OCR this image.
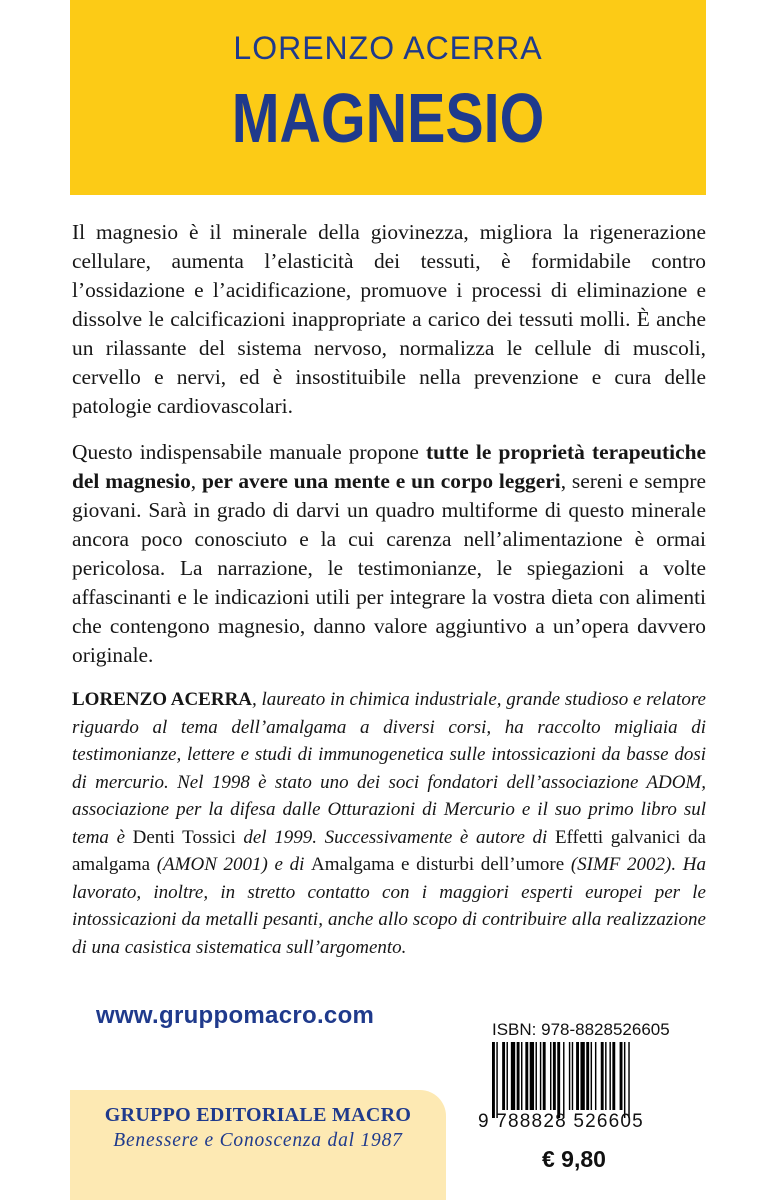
LORENZO ACERRA
MAGNESIO

Il magnesio è il minerale della giovinezza, migliora la rigenerazione cellulare, aumenta l’elasticità dei tessuti, è formidabile contro l’ossidazione e l’acidificazione, promuove i processi di eliminazione e dissolve le calcificazioni inappropriate a carico dei tessuti molli. È anche un rilassante del sistema nervoso, normalizza le cellule di muscoli, cervello e nervi, ed è insostituibile nella prevenzione e cura delle patologie cardiovascolari.

Questo indispensabile manuale propone tutte le proprietà terapeutiche del magnesio, per avere una mente e un corpo leggeri, sereni e sempre giovani. Sarà in grado di darvi un quadro multiforme di questo minerale ancora poco conosciuto e la cui carenza nell’alimentazione è ormai pericolosa. La narrazione, le testimonianze, le spiegazioni a volte affascinanti e le indicazioni utili per integrare la vostra dieta con alimenti che contengono magnesio, danno valore aggiuntivo a un’opera davvero originale.

LORENZO ACERRA, laureato in chimica industriale, grande studioso e relatore riguardo al tema dell’amalgama a diversi corsi, ha raccolto migliaia di testimonianze, lettere e studi di immunogenetica sulle intossicazioni da basse dosi di mercurio. Nel 1998 è stato uno dei soci fondatori dell’associazione ADOM, associazione per la difesa dalle Otturazioni di Mercurio e il suo primo libro sul tema è Denti Tossici del 1999. Successivamente è autore di Effetti galvanici da amalgama (AMON 2001) e di Amalgama e disturbi dell’umore (SIMF 2002). Ha lavorato, inoltre, in stretto contatto con i maggiori esperti europei per le intossicazioni da metalli pesanti, anche allo scopo di contribuire alla realizzazione di una casistica sistematica sull’argomento.

www.gruppomacro.com
GRUPPO EDITORIALE MACRO
Benessere e Conoscenza dal 1987
ISBN: 978-8828526605
9 788828 526605
€ 9,80
